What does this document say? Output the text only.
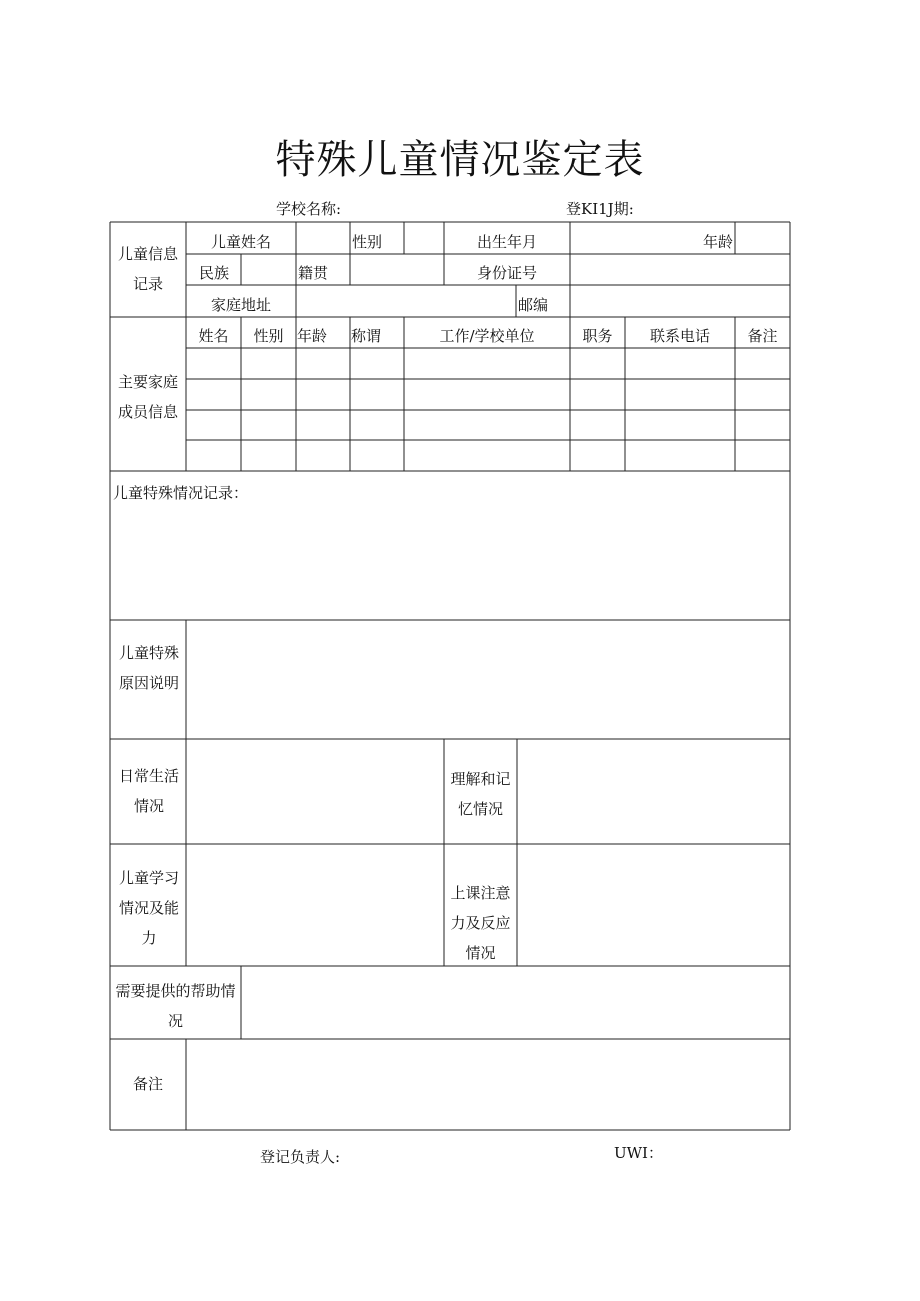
特殊儿童情况鉴定表
学校名称:	登KI1J期:
儿童信息记录
儿童姓名	性别	出生年月	年龄
民族	籍贯	身份证号
家庭地址	邮编
主要家庭成员信息
姓名	性别 年龄	称谓	工作/学校单位	职务	联系电话	备注
儿童特殊情况记录：
儿童特殊原因说明
日常生活情况
理解和记忆情况
儿童学习情况及能力
上课注意力及反应情况
需要提供的帮助情况
备注
登记负责人:	UWI：
